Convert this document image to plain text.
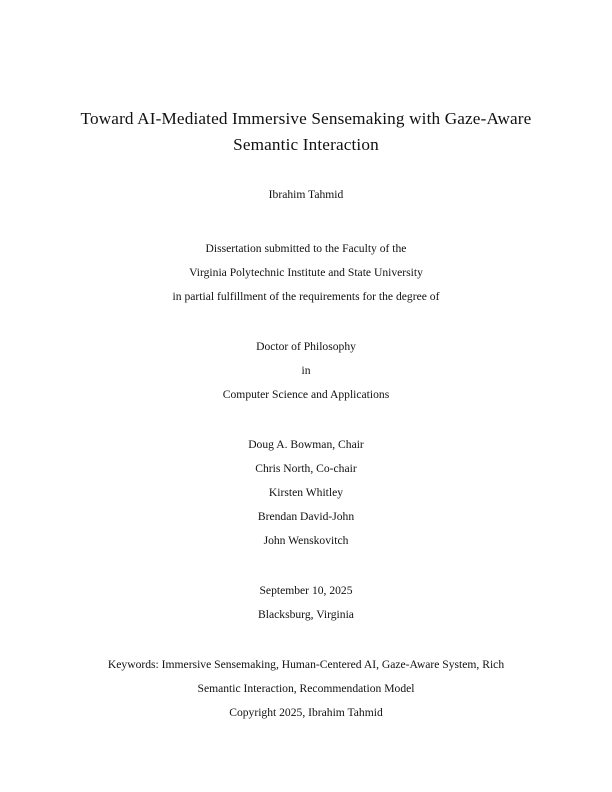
Toward AI-Mediated Immersive Sensemaking with Gaze-Aware
Semantic Interaction
Ibrahim Tahmid
Dissertation submitted to the Faculty of the
Virginia Polytechnic Institute and State University
in partial fulfillment of the requirements for the degree of
Doctor of Philosophy
in
Computer Science and Applications
Doug A. Bowman, Chair
Chris North, Co-chair
Kirsten Whitley
Brendan David-John
John Wenskovitch
September 10, 2025
Blacksburg, Virginia
Keywords: Immersive Sensemaking, Human-Centered AI, Gaze-Aware System, Rich
Semantic Interaction, Recommendation Model
Copyright 2025, Ibrahim Tahmid
